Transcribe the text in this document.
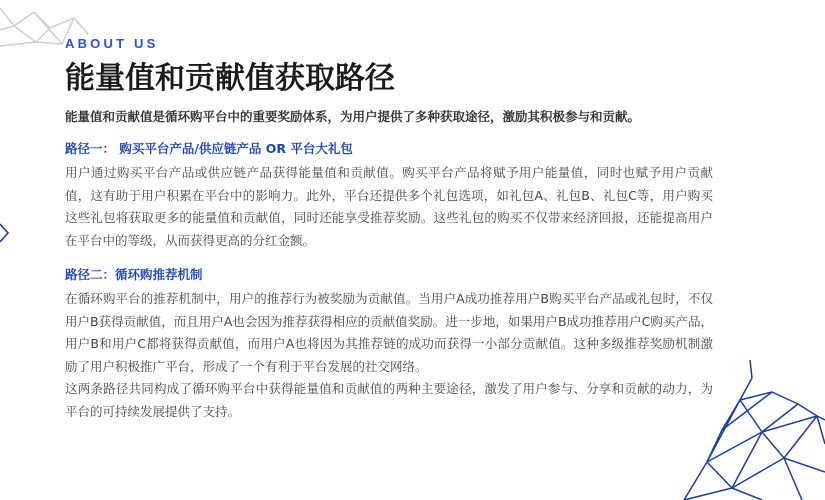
ABOUT US

能量值和贡献值获取路径

能量值和贡献值是循环购平台中的重要奖励体系，为用户提供了多种获取途径，激励其积极参与和贡献。

路径一： 购买平台产品/供应链产品 OR 平台大礼包

用户通过购买平台产品或供应链产品获得能量值和贡献值。购买平台产品将赋予用户能量值，同时也赋予用户贡献值，这有助于用户积累在平台中的影响力。此外，平台还提供多个礼包选项，如礼包A、礼包B、礼包C等，用户购买这些礼包将获取更多的能量值和贡献值，同时还能享受推荐奖励。这些礼包的购买不仅带来经济回报，还能提高用户在平台中的等级，从而获得更高的分红金额。

路径二：循环购推荐机制

在循环购平台的推荐机制中，用户的推荐行为被奖励为贡献值。当用户A成功推荐用户B购买平台产品或礼包时，不仅用户B获得贡献值，而且用户A也会因为推荐获得相应的贡献值奖励。进一步地，如果用户B成功推荐用户C购买产品，用户B和用户C都将获得贡献值，而用户A也将因为其推荐链的成功而获得一小部分贡献值。这种多级推荐奖励机制激励了用户积极推广平台，形成了一个有利于平台发展的社交网络。

这两条路径共同构成了循环购平台中获得能量值和贡献值的两种主要途径，激发了用户参与、分享和贡献的动力，为平台的可持续发展提供了支持。
